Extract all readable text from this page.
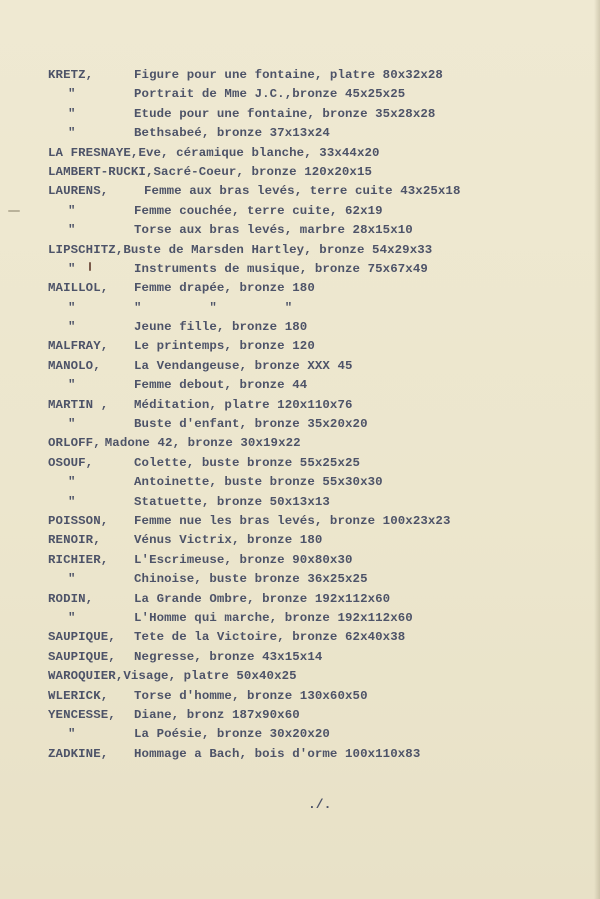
KRETZ,	Figure pour une fontaine, platre 80x32x28
"	Portrait de Mme J.C.,bronze 45x25x25
"	Etude pour une fontaine, bronze 35x28x28
"	Bethsabeé, bronze 37x13x24
LA FRESNAYE,Eve, céramique blanche, 33x44x20
LAMBERT-RUCKI,Sacré-Coeur, bronze 120x20x15
LAURENS,	Femme aux bras levés, terre cuite 43x25x18
"	Femme couchée, terre cuite, 62x19
"	Torse aux bras levés, marbre 28x15x10
LIPSCHITZ,Buste de Marsden Hartley, bronze 54x29x33
"	Instruments de musique, bronze 75x67x49
MAILLOL, Femme drapée, bronze 180
"	"         "         "
"	Jeune fille, bronze 180
MALFRAY, Le printemps, bronze 120
MANOLO,	La Vendangeuse, bronze XXX 45
"	Femme debout, bronze 44
MARTIN , Méditation, platre 120x110x76
"	Buste d'enfant, bronze 35x20x20
ORLOFF, Madone 42, bronze 30x19x22
OSOUF,	Colette, buste bronze 55x25x25
"	Antoinette, buste bronze 55x30x30
"	Statuette, bronze 50x13x13
POISSON, Femme nue les bras levés, bronze 100x23x23
RENOIR,	Vénus Victrix, bronze 180
RICHIER, L'Escrimeuse, bronze 90x80x30
"	Chinoise, buste bronze 36x25x25
RODIN,	La Grande Ombre, bronze 192x112x60
"	L'Homme qui marche, bronze 192x112x60
SAUPIQUE, Tete de la Victoire, bronze 62x40x38
SAUPIQUE, Negresse, bronze 43x15x14
WAROQUIER,Visage, platre 50x40x25
WLERICK, Torse d'homme, bronze 130x60x50
YENCESSE, Diane, bronz 187x90x60
"	La Poésie, bronze 30x20x20
ZADKINE, Hommage a Bach, bois d'orme 100x110x83
./.
